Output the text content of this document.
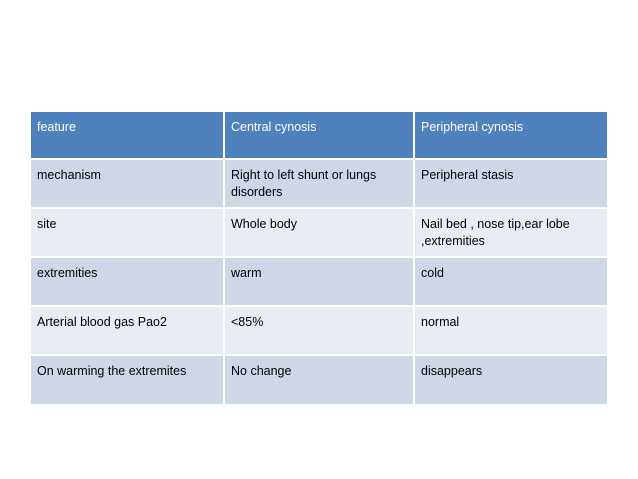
feature	Central cynosis	Peripheral cynosis
mechanism	Right to left shunt or lungs disorders	Peripheral stasis
site	Whole body	Nail bed , nose tip,ear lobe ,extremities
extremities	warm	cold
Arterial blood gas Pao2	<85%	normal
On warming the extremites	No change	disappears
